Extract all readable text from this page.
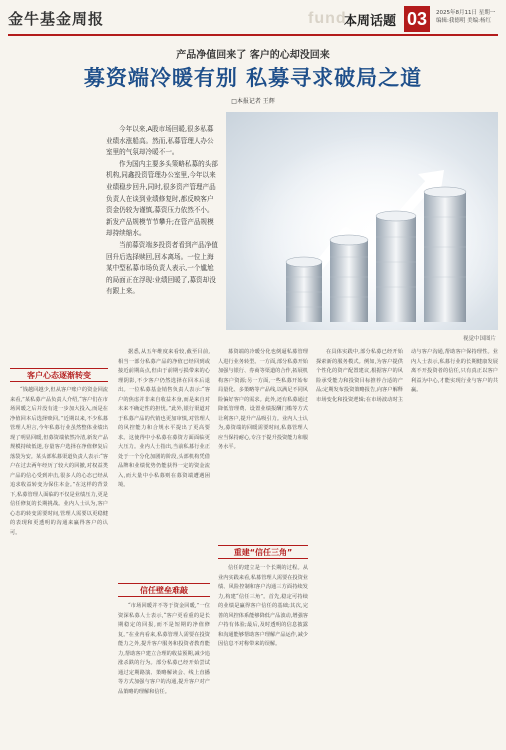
金牛基金周报	fund
本周话题 03	2025年8月11日 星期一
编辑:我德明 美编:杨红
产品净值回来了 客户的心却没回来
募资端冷暖有别 私募寻求破局之道
□本报记者 王辉

今年以来,A股市场回暖,很多私募业绩水涨船高。然而,私募管理人办公室里的气氛却冷暖不一。

作为国内主要多头策略私募的头部机构,同鑫投资管理办公室里,今年以来业绩稳步回升,同时,很多资产管理产品负责人在谈到业绩修复时,都反映客户资金仍较为谨慎,募资压力依然不小。新发产品规模节节攀升;在管产品规模却持续缩水。

当前募资端多投资者看到产品净值回升后选择赎回,回本离场。一位上海某中型私募市场负责人表示,一个尴尬的局面正在浮现:业绩回暖了,募资却没有跟上来。

视觉中国图片
客户心态逐渐转变

“钱越回越少,但从客户账户的资金回流来看,”某私募产品负责人介绍,“客户们在市场回暖之后并没有进一步加大投入,而是在净值回本后选择赎回。”近期以来,不少私募管理人坦言,今年私募行业虽然整体业绩出现了明显回暖,但募资端依然冷清,新发产品规模持续低迷,存量客户选择在净值修复后落袋为安。某头部私募渠道负责人表示:“客户在过去两年经历了较大的回撤,对权益类产品的信心受到冲击,很多人的心态已经从追求收益转变为保住本金。”在这样的背景下,私募管理人面临的不仅是业绩压力,更是信任修复的长期挑战。业内人士认为,客户心态的转变需要时间,管理人需要以更稳健的表现和更透明的沟通来赢得客户的认可。

据悉,从五年维度来看较,截至目前,相当一部分私募产品的净值已经回到或接近前期高点,但由于前期亏损带来的心理阴影,不少客户仍然选择在回本后退出。一位私募基金销售负责人表示:“客户的焦虑并非来自收益本身,而是来自对未来不确定性的担忧。”此外,银行渠道对于私募产品的代销也更加审慎,对管理人的风控能力和合规水平提出了更高要求。这使得中小私募在募资方面面临更大压力。业内人士指出,当前私募行业正处于一个分化加剧的阶段,头部机构凭借品牌和业绩优势仍能获得一定的资金流入,而大量中小私募则在募资端遭遇困境。

信任壁垒难敲

“市场回暖并不等于资金回暖,”一位资深私募人士表示,“客户更看重的是长期稳定的回报,而不是短期的净值修复。”在业内看来,私募管理人需要在投资能力之外,提升客户服务和投资者教育能力,帮助客户建立合理的收益预期,减少追涨杀跌的行为。部分私募已经开始尝试通过定期路演、策略解读会、线上直播等方式加强与客户的沟通,提升客户对产品策略的理解和信任。

募资端的冷暖分化也倒逼私募管理人进行业务转型。一方面,部分私募开始加强与银行、券商等渠道的合作,拓展机构客户资源;另一方面,一些私募开始布局量化、多策略等产品线,以满足不同风险偏好客户的需求。此外,还有私募通过降低管理费、设置业绩报酬门槛等方式让利客户,提升产品吸引力。业内人士认为,募资端的回暖需要时间,私募管理人应当保持耐心,专注于提升投资能力和服务水平。

重建“信任三角”

信任的建立是一个长期的过程。从业内实践来看,私募管理人需要在投资业绩、风险控制和客户沟通三方面持续发力,构建“信任三角”。首先,稳定可持续的业绩是赢得客户信任的基础;其次,完善的风控体系能够降低产品波动,增强客户持有体验;最后,及时透明的信息披露和沟通能够帮助客户理解产品运作,减少因信息不对称带来的误解。

在具体实践中,部分私募已经开始探索新的服务模式。例如,为客户提供个性化的资产配置建议,根据客户的风险承受能力和投资目标推荐合适的产品;定期发布投资策略报告,向客户解释市场变化和投资逻辑;在市场波动时主动与客户沟通,帮助客户保持理性。业内人士表示,私募行业的长期健康发展离不开投资者的信任,只有真正以客户利益为中心,才能实现行业与客户的共赢。
